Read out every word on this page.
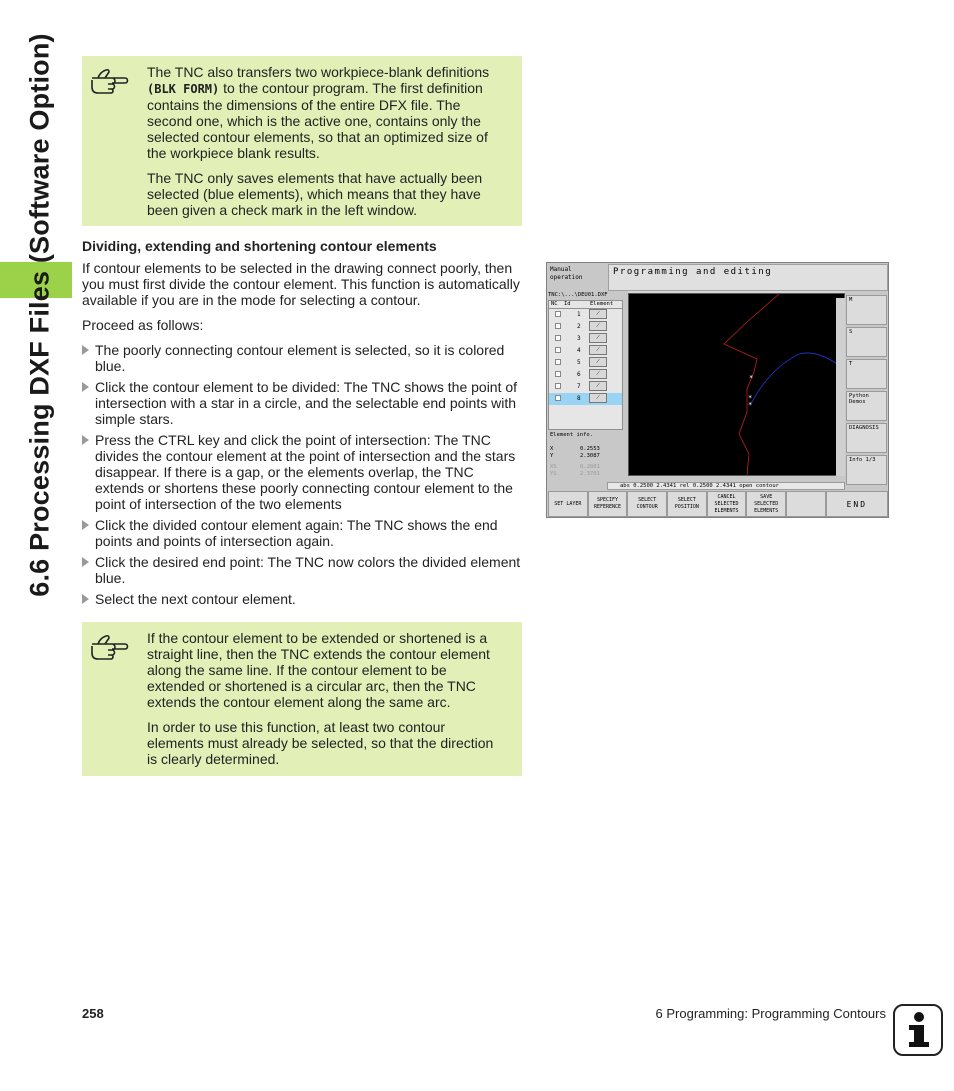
6.6 Processing DXF Files (Software Option)	The TNC also transfers two workpiece-blank definitions (BLK FORM) to the contour program. The first definition contains the dimensions of the entire DFX file. The second one, which is the active one, contains only the selected contour elements, so that an optimized size of the workpiece blank results.

The TNC only saves elements that have actually been selected (blue elements), which means that they have been given a check mark in the left window.

Dividing, extending and shortening contour elements

If contour elements to be selected in the drawing connect poorly, then you must first divide the contour element. This function is automatically available if you are in the mode for selecting a contour.

Proceed as follows:

The poorly connecting contour element is selected, so it is colored blue.
Click the contour element to be divided: The TNC shows the point of intersection with a star in a circle, and the selectable end points with simple stars.
Press the CTRL key and click the point of intersection: The TNC divides the contour element at the point of intersection and the stars disappear. If there is a gap, or the elements overlap, the TNC extends or shortens these poorly connecting contour element to the point of intersection of the two elements
Click the divided contour element again: The TNC shows the end points and points of intersection again.
Click the desired end point: The TNC now colors the divided element blue.
Select the next contour element.

If the contour element to be extended or shortened is a straight line, then the TNC extends the contour element along the same line. If the contour element to be extended or shortened is a circular arc, then the TNC extends the contour element along the same arc.

In order to use this function, at least two contour elements must already be selected, so that the direction is clearly determined.

Manual
operation
Programming and editing
TNC:\...\DEU01.DXF
NC	Id	Element
1	⟋
2	⟋
3	⟋
4	⟋
5	⟋
6	⟋
7	⟋
8	⟋
Element info.
X	0.2553
Y	2.3087
XS	0.2801
YS	2.3701
*
*
*
abs 0.2500 2.4341 rel 0.2500 2.4341 open contour
M
S
T
Python Demos
DIAGNOSIS
Info 1/3
SET LAYER
SPECIFY REFERENCE
SELECT CONTOUR
SELECT POSITION
CANCEL SELECTED ELEMENTS
SAVE SELECTED ELEMENTS
END
258	6 Programming: Programming Contours
